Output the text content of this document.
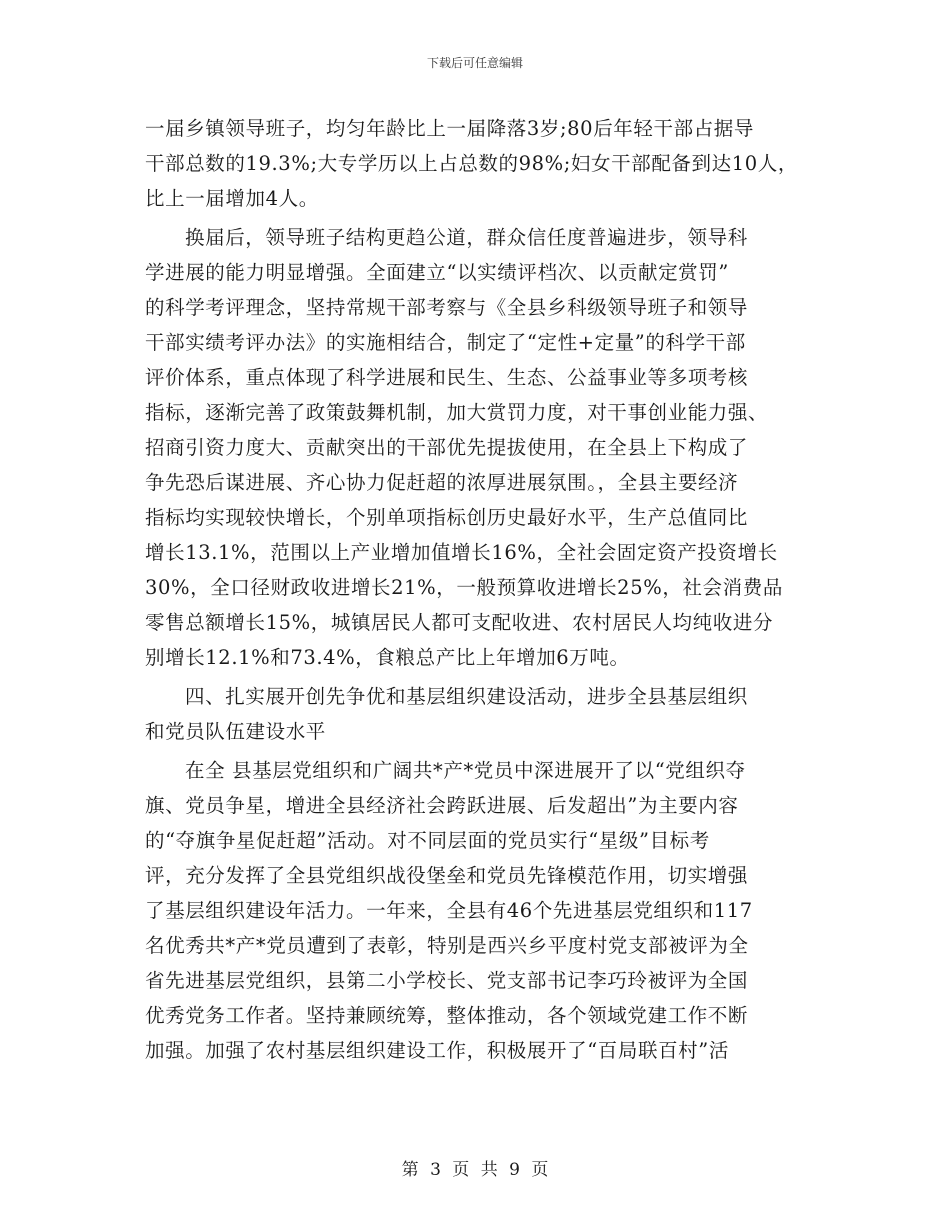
下载后可任意编辑
一届乡镇领导班子，均匀年龄比上一届降落3岁;80后年轻干部占据导
干部总数的19.3%;大专学历以上占总数的98%;妇女干部配备到达10人，
比上一届增加4人。
换届后，领导班子结构更趋公道，群众信任度普遍进步，领导科
学进展的能力明显增强。全面建立“以实绩评档次、以贡献定赏罚”
的科学考评理念，坚持常规干部考察与《全县乡科级领导班子和领导
干部实绩考评办法》的实施相结合，制定了“定性+定量”的科学干部
评价体系，重点体现了科学进展和民生、生态、公益事业等多项考核
指标，逐渐完善了政策鼓舞机制，加大赏罚力度，对干事创业能力强、
招商引资力度大、贡献突出的干部优先提拔使用，在全县上下构成了
争先恐后谋进展、齐心协力促赶超的浓厚进展氛围。，全县主要经济
指标均实现较快增长，个别单项指标创历史最好水平，生产总值同比
增长13.1%，范围以上产业增加值增长16%，全社会固定资产投资增长
30%，全口径财政收进增长21%，一般预算收进增长25%，社会消费品
零售总额增长15%，城镇居民人都可支配收进、农村居民人均纯收进分
别增长12.1%和73.4%，食粮总产比上年增加6万吨。
四、扎实展开创先争优和基层组织建设活动，进步全县基层组织
和党员队伍建设水平
在全 县基层党组织和广阔共*产*党员中深进展开了以“党组织夺
旗、党员争星，增进全县经济社会跨跃进展、后发超出”为主要内容
的“夺旗争星促赶超”活动。对不同层面的党员实行“星级”目标考
评，充分发挥了全县党组织战役堡垒和党员先锋模范作用，切实增强
了基层组织建设年活力。一年来，全县有46个先进基层党组织和117
名优秀共*产*党员遭到了表彰，特别是西兴乡平度村党支部被评为全
省先进基层党组织，县第二小学校长、党支部书记李巧玲被评为全国
优秀党务工作者。坚持兼顾统筹，整体推动，各个领域党建工作不断
加强。加强了农村基层组织建设工作，积极展开了“百局联百村”活
第 3 页 共 9 页
